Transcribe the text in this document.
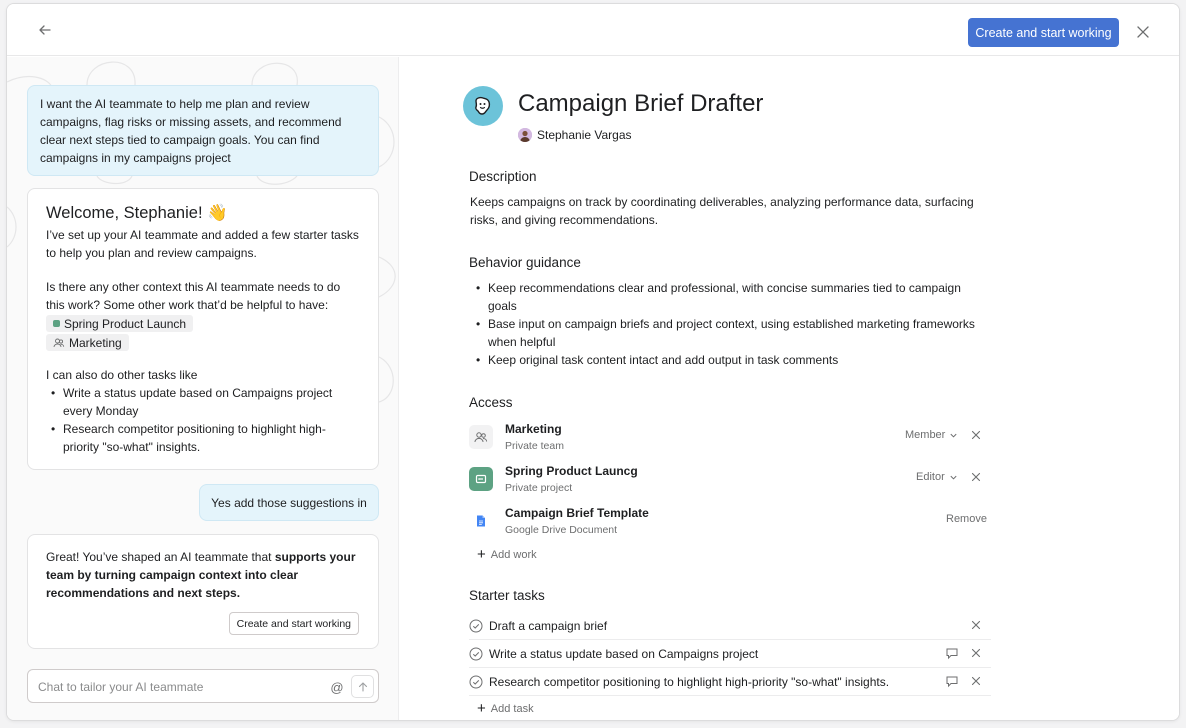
Create and start working
I want the AI teammate to help me plan and review campaigns, flag risks or missing assets, and recommend clear next steps tied to campaign goals. You can find campaigns in my campaigns project
Welcome, Stephanie! 👋
I’ve set up your AI teammate and added a few starter tasks to help you plan and review campaigns.
Is there any other context this AI teammate needs to do this work? Some other work that’d be helpful to have:
Spring Product Launch
Marketing
I can also do other tasks like
• Write a status update based on Campaigns project every Monday
• Research competitor positioning to highlight high-priority "so-what" insights.
Yes add those suggestions in
Great! You’ve shaped an AI teammate that supports your team by turning campaign context into clear recommendations and next steps.
Create and start working
Chat to tailor your AI teammate
@
Campaign Brief Drafter
Stephanie Vargas
Description
Keeps campaigns on track by coordinating deliverables, analyzing performance data, surfacing risks, and giving recommendations.
Behavior guidance
• Keep recommendations clear and professional, with concise summaries tied to campaign goals
• Base input on campaign briefs and project context, using established marketing frameworks when helpful
• Keep original task content intact and add output in task comments
Access
Marketing
Private team
Member
Spring Product Launcg
Private project
Editor
Campaign Brief Template
Google Drive Document
Remove
+ Add work
Starter tasks
Draft a campaign brief
Write a status update based on Campaigns project
Research competitor positioning to highlight high-priority "so-what" insights.
+ Add task
